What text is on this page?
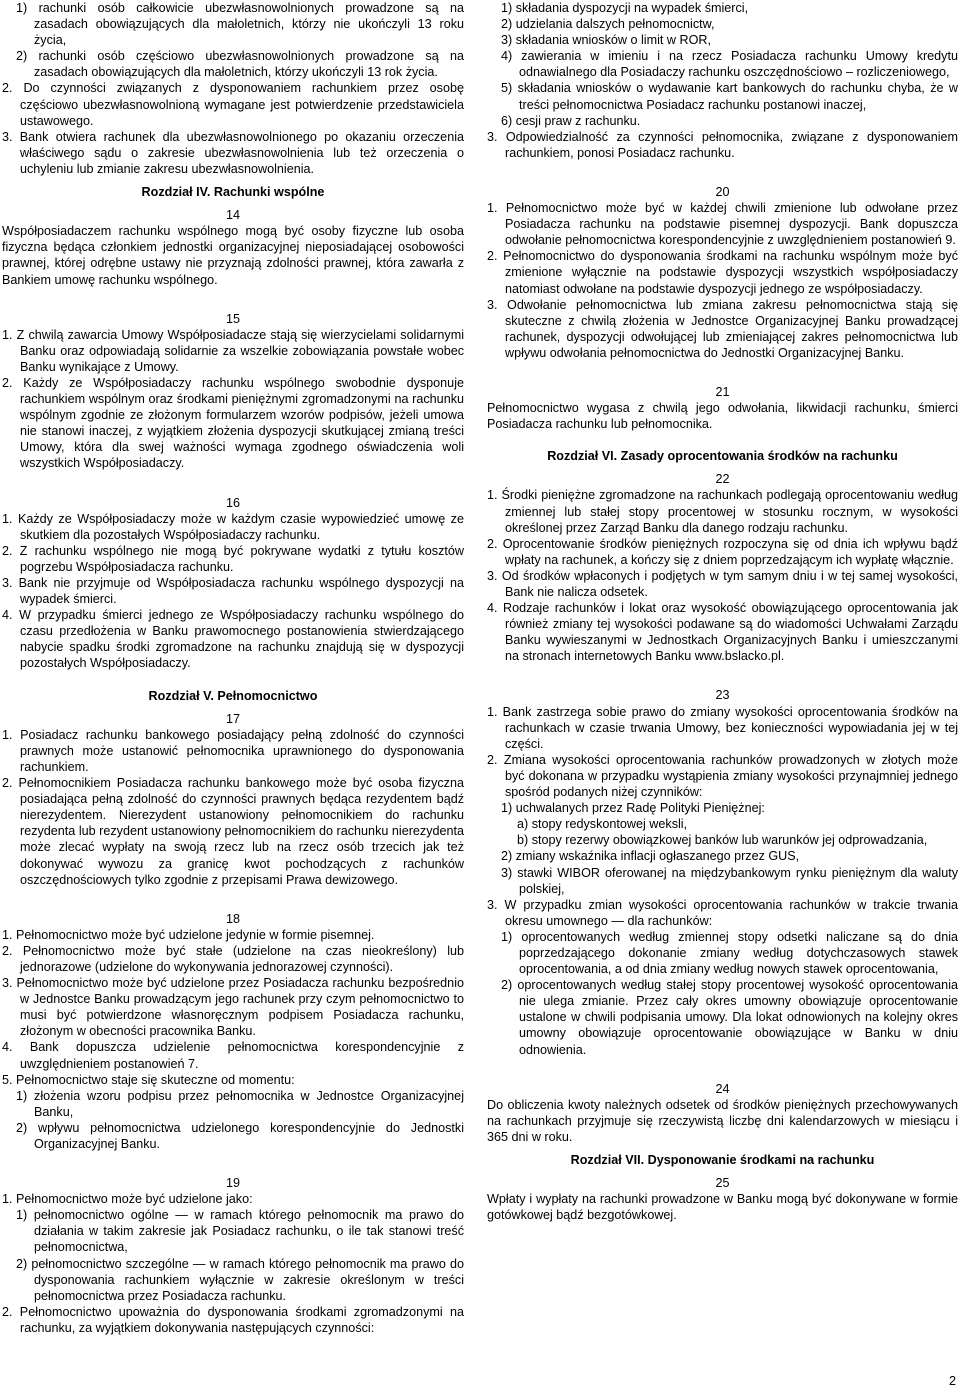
1) rachunki osób całkowicie ubezwłasnowolnionych prowadzone są na zasadach obowiązujących dla małoletnich, którzy nie ukończyli 13 roku życia,

2) rachunki osób częściowo ubezwłasnowolnionych prowadzone są na zasadach obowiązujących dla małoletnich, którzy ukończyli 13 rok życia.

2. Do czynności związanych z dysponowaniem rachunkiem przez osobę częściowo ubezwłasnowolnioną wymagane jest potwierdzenie przedstawiciela ustawowego.

3. Bank otwiera rachunek dla ubezwłasnowolnionego po okazaniu orzeczenia właściwego sądu o zakresie ubezwłasnowolnienia lub też orzeczenia o uchyleniu lub zmianie zakresu ubezwłasnowolnienia.

Rozdział IV. Rachunki wspólne

14

Współposiadaczem rachunku wspólnego mogą być osoby fizyczne lub osoba fizyczna będąca członkiem jednostki organizacyjnej nieposiadającej osobowości prawnej, której odrębne ustawy nie przyznają zdolności prawnej, która zawarła z Bankiem umowę rachunku wspólnego.

15

1. Z chwilą zawarcia Umowy Współposiadacze stają się wierzycielami solidarnymi Banku oraz odpowiadają solidarnie za wszelkie zobowiązania powstałe wobec Banku wynikające z Umowy.

2. Każdy ze Współposiadaczy rachunku wspólnego swobodnie dysponuje rachunkiem wspólnym oraz środkami pieniężnymi zgromadzonymi na rachunku wspólnym zgodnie ze złożonym formularzem wzorów podpisów, jeżeli umowa nie stanowi inaczej, z wyjątkiem złożenia dyspozycji skutkującej zmianą treści Umowy, która dla swej ważności wymaga zgodnego oświadczenia woli wszystkich Współposiadaczy.

16

1. Każdy ze Współposiadaczy może w każdym czasie wypowiedzieć umowę ze skutkiem dla pozostałych Współposiadaczy rachunku.

2. Z rachunku wspólnego nie mogą być pokrywane wydatki z tytułu kosztów pogrzebu Współposiadacza rachunku.

3. Bank nie przyjmuje od Współposiadacza rachunku wspólnego dyspozycji na wypadek śmierci.

4. W przypadku śmierci jednego ze Współposiadaczy rachunku wspólnego do czasu przedłożenia w Banku prawomocnego postanowienia stwierdzającego nabycie spadku środki zgromadzone na rachunku znajdują się w dyspozycji pozostałych Współposiadaczy.

Rozdział V. Pełnomocnictwo

17

1. Posiadacz rachunku bankowego posiadający pełną zdolność do czynności prawnych może ustanowić pełnomocnika uprawnionego do dysponowania rachunkiem.

2. Pełnomocnikiem Posiadacza rachunku bankowego może być osoba fizyczna posiadająca pełną zdolność do czynności prawnych będąca rezydentem bądź nierezydentem. Nierezydent ustanowiony pełnomocnikiem do rachunku rezydenta lub rezydent ustanowiony pełnomocnikiem do rachunku nierezydenta może zlecać wypłaty na swoją rzecz lub na rzecz osób trzecich jak też dokonywać wywozu za granicę kwot pochodzących z rachunków oszczędnościowych tylko zgodnie z przepisami Prawa dewizowego.

18

1. Pełnomocnictwo może być udzielone jedynie w formie pisemnej.

2. Pełnomocnictwo może być stałe (udzielone na czas nieokreślony) lub jednorazowe (udzielone do wykonywania jednorazowej czynności).

3. Pełnomocnictwo może być udzielone przez Posiadacza rachunku bezpośrednio w Jednostce Banku prowadzącym jego rachunek przy czym pełnomocnictwo to musi być potwierdzone własnoręcznym podpisem Posiadacza rachunku, złożonym w obecności pracownika Banku.

4. Bank dopuszcza udzielenie pełnomocnictwa korespondencyjnie z uwzględnieniem postanowień 7.

5. Pełnomocnictwo staje się skuteczne od momentu:

1) złożenia wzoru podpisu przez pełnomocnika w Jednostce Organizacyjnej Banku,

2) wpływu pełnomocnictwa udzielonego korespondencyjnie do Jednostki Organizacyjnej Banku.

19

1. Pełnomocnictwo może być udzielone jako:

1) pełnomocnictwo ogólne — w ramach którego pełnomocnik ma prawo do działania w takim zakresie jak Posiadacz rachunku, o ile tak stanowi treść pełnomocnictwa,

2) pełnomocnictwo szczególne — w ramach którego pełnomocnik ma prawo do dysponowania rachunkiem wyłącznie w zakresie określonym w treści pełnomocnictwa przez Posiadacza rachunku.

2. Pełnomocnictwo upoważnia do dysponowania środkami zgromadzonymi na rachunku, za wyjątkiem dokonywania następujących czynności:

1) składania dyspozycji na wypadek śmierci,

2) udzielania dalszych pełnomocnictw,

3) składania wniosków o limit w ROR,

4) zawierania w imieniu i na rzecz Posiadacza rachunku Umowy kredytu odnawialnego dla Posiadaczy rachunku oszczędnościowo – rozliczeniowego,

5) składania wniosków o wydawanie kart bankowych do rachunku chyba, że w treści pełnomocnictwa Posiadacz rachunku postanowi inaczej,

6) cesji praw z rachunku.

3. Odpowiedzialność za czynności pełnomocnika, związane z dysponowaniem rachunkiem, ponosi Posiadacz rachunku.

20

1. Pełnomocnictwo może być w każdej chwili zmienione lub odwołane przez Posiadacza rachunku na podstawie pisemnej dyspozycji. Bank dopuszcza odwołanie pełnomocnictwa korespondencyjnie z uwzględnieniem postanowień 9.

2. Pełnomocnictwo do dysponowania środkami na rachunku wspólnym może być zmienione wyłącznie na podstawie dyspozycji wszystkich współposiadaczy natomiast odwołane na podstawie dyspozycji jednego ze współposiadaczy.

3. Odwołanie pełnomocnictwa lub zmiana zakresu pełnomocnictwa stają się skuteczne z chwilą złożenia w Jednostce Organizacyjnej Banku prowadzącej rachunek, dyspozycji odwołującej lub zmieniającej zakres pełnomocnictwa lub wpływu odwołania pełnomocnictwa do Jednostki Organizacyjnej Banku.

21

Pełnomocnictwo wygasa z chwilą jego odwołania, likwidacji rachunku, śmierci Posiadacza rachunku lub pełnomocnika.

Rozdział VI. Zasady oprocentowania środków na rachunku

22

1. Środki pieniężne zgromadzone na rachunkach podlegają oprocentowaniu według zmiennej lub stałej stopy procentowej w stosunku rocznym, w wysokości określonej przez Zarząd Banku dla danego rodzaju rachunku.

2. Oprocentowanie środków pieniężnych rozpoczyna się od dnia ich wpływu bądź wpłaty na rachunek, a kończy się z dniem poprzedzającym ich wypłatę włącznie.

3. Od środków wpłaconych i podjętych w tym samym dniu i w tej samej wysokości, Bank nie nalicza odsetek.

4. Rodzaje rachunków i lokat oraz wysokość obowiązującego oprocentowania jak również zmiany tej wysokości podawane są do wiadomości Uchwałami Zarządu Banku wywieszanymi w Jednostkach Organizacyjnych Banku i umieszczanymi na stronach internetowych Banku www.bslacko.pl.

23

1. Bank zastrzega sobie prawo do zmiany wysokości oprocentowania środków na rachunkach w czasie trwania Umowy, bez konieczności wypowiadania jej w tej części.

2. Zmiana wysokości oprocentowania rachunków prowadzonych w złotych może być dokonana w przypadku wystąpienia zmiany wysokości przynajmniej jednego spośród podanych niżej czynników:

1) uchwalanych przez Radę Polityki Pieniężnej:

a) stopy redyskontowej weksli,

b) stopy rezerwy obowiązkowej banków lub warunków jej odprowadzania,

2) zmiany wskaźnika inflacji ogłaszanego przez GUS,

3) stawki WIBOR oferowanej na międzybankowym rynku pieniężnym dla waluty polskiej,

3. W przypadku zmian wysokości oprocentowania rachunków w trakcie trwania okresu umownego — dla rachunków:

1) oprocentowanych według zmiennej stopy odsetki naliczane są do dnia poprzedzającego dokonanie zmiany według dotychczasowych stawek oprocentowania, a od dnia zmiany według nowych stawek oprocentowania,

2) oprocentowanych według stałej stopy procentowej wysokość oprocentowania nie ulega zmianie. Przez cały okres umowny obowiązuje oprocentowanie ustalone w chwili podpisania umowy. Dla lokat odnowionych na kolejny okres umowny obowiązuje oprocentowanie obowiązujące w Banku w dniu odnowienia.

24

Do obliczenia kwoty należnych odsetek od środków pieniężnych przechowywanych na rachunkach przyjmuje się rzeczywistą liczbę dni kalendarzowych w miesiącu i 365 dni w roku.

Rozdział VII. Dysponowanie środkami na rachunku

25

Wpłaty i wypłaty na rachunki prowadzone w Banku mogą być dokonywane w formie gotówkowej bądź bezgotówkowej.

2
